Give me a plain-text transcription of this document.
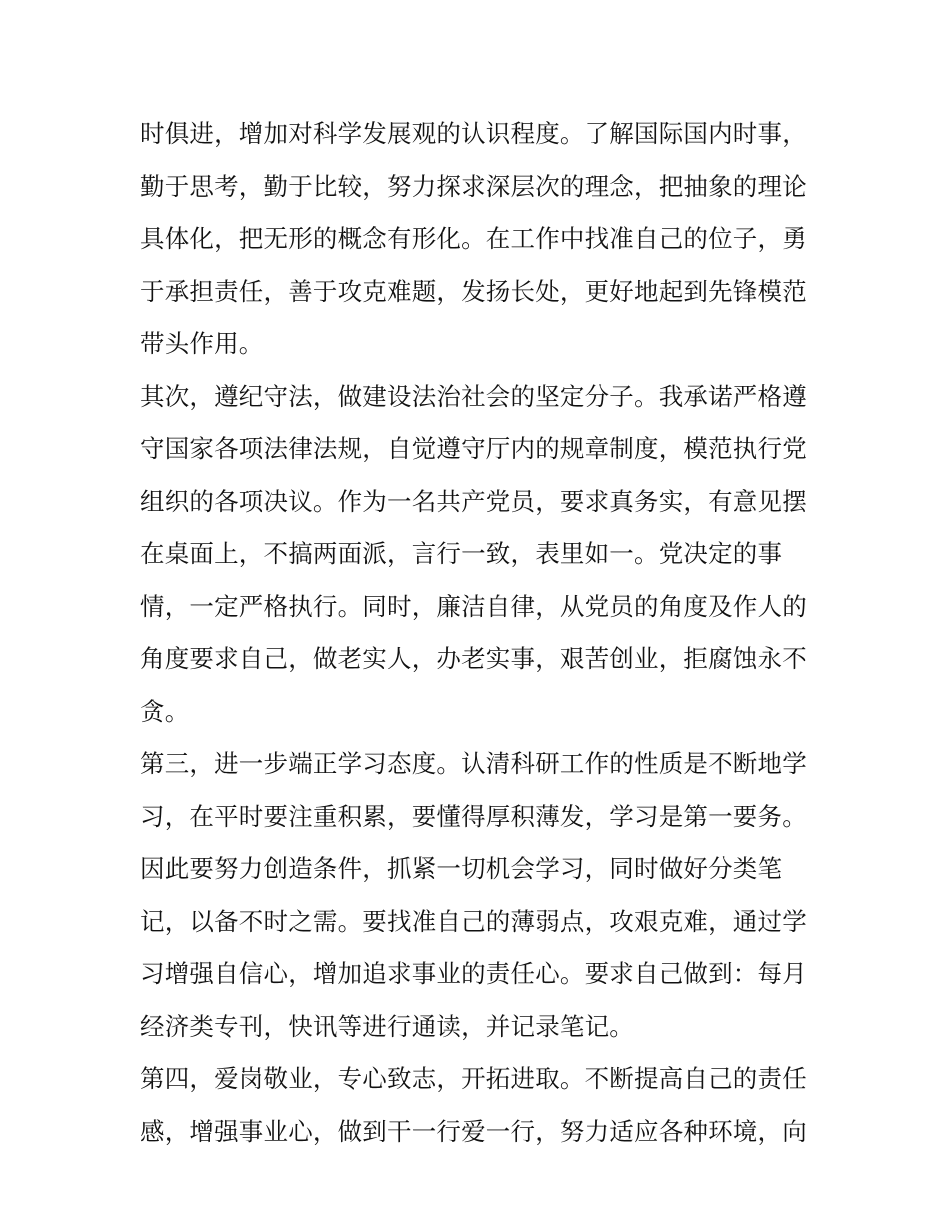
时俱进，增加对科学发展观的认识程度。了解国际国内时事，
勤于思考，勤于比较，努力探求深层次的理念，把抽象的理论
具体化，把无形的概念有形化。在工作中找准自己的位子，勇
于承担责任，善于攻克难题，发扬长处，更好地起到先锋模范
带头作用。
其次，遵纪守法，做建设法治社会的坚定分子。我承诺严格遵
守国家各项法律法规，自觉遵守厅内的规章制度，模范执行党
组织的各项决议。作为一名共产党员，要求真务实，有意见摆
在桌面上，不搞两面派，言行一致，表里如一。党决定的事
情，一定严格执行。同时，廉洁自律，从党员的角度及作人的
角度要求自己，做老实人，办老实事，艰苦创业，拒腐蚀永不
贪。
第三，进一步端正学习态度。认清科研工作的性质是不断地学
习，在平时要注重积累，要懂得厚积薄发，学习是第一要务。
因此要努力创造条件，抓紧一切机会学习，同时做好分类笔
记，以备不时之需。要找准自己的薄弱点，攻艰克难，通过学
习增强自信心，增加追求事业的责任心。要求自己做到：每月
经济类专刊，快讯等进行通读，并记录笔记。
第四，爱岗敬业，专心致志，开拓进取。不断提高自己的责任
感，增强事业心，做到干一行爱一行，努力适应各种环境，向
